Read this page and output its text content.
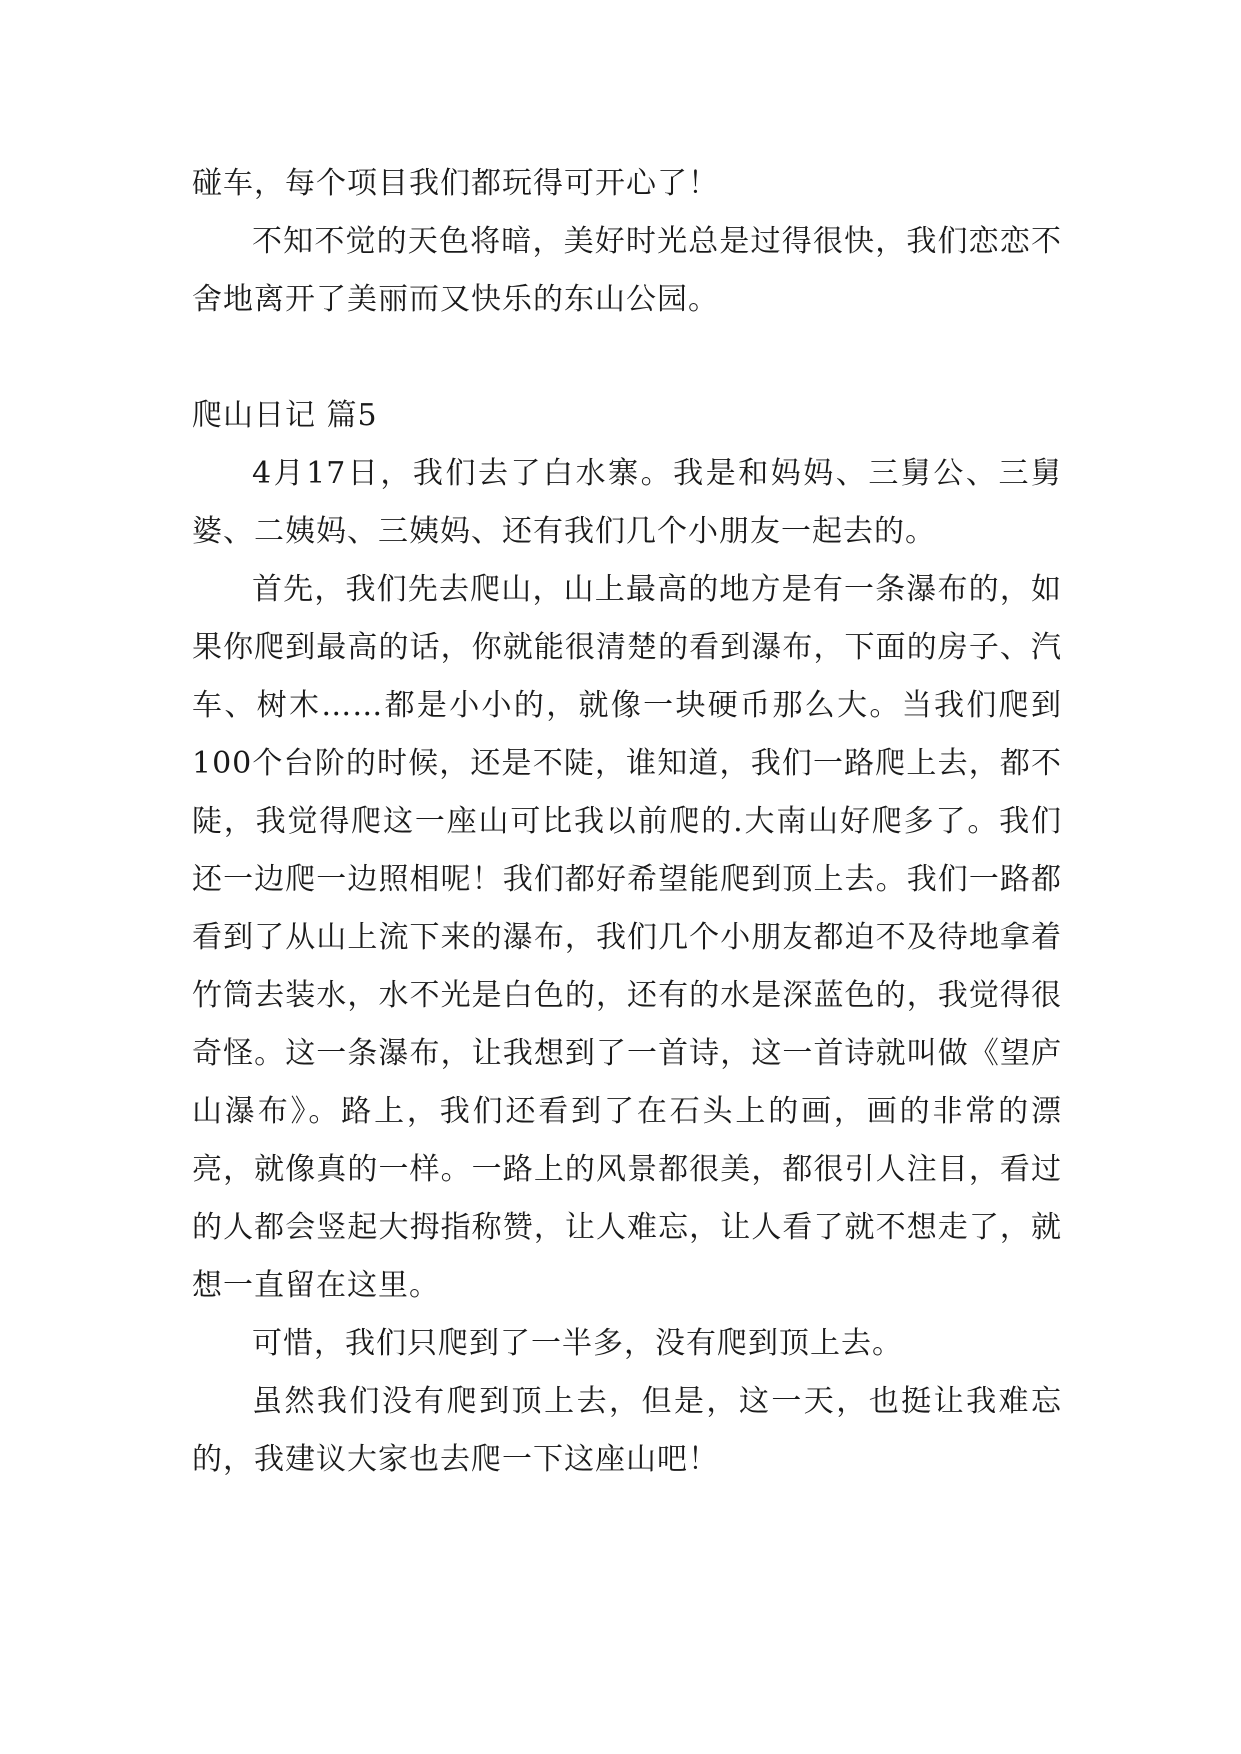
碰车，每个项目我们都玩得可开心了！

不知不觉的天色将暗，美好时光总是过得很快，我们恋恋不舍地离开了美丽而又快乐的东山公园。

爬山日记 篇5

4月17日，我们去了白水寨。我是和妈妈、三舅公、三舅婆、二姨妈、三姨妈、还有我们几个小朋友一起去的。

首先，我们先去爬山，山上最高的地方是有一条瀑布的，如果你爬到最高的话，你就能很清楚的看到瀑布，下面的房子、汽车、树木……都是小小的，就像一块硬币那么大。当我们爬到100个台阶的时候，还是不陡，谁知道，我们一路爬上去，都不陡，我觉得爬这一座山可比我以前爬的.大南山好爬多了。我们还一边爬一边照相呢！我们都好希望能爬到顶上去。我们一路都看到了从山上流下来的瀑布，我们几个小朋友都迫不及待地拿着竹筒去装水，水不光是白色的，还有的水是深蓝色的，我觉得很奇怪。这一条瀑布，让我想到了一首诗，这一首诗就叫做《望庐山瀑布》。路上，我们还看到了在石头上的画，画的非常的漂亮，就像真的一样。一路上的风景都很美，都很引人注目，看过的人都会竖起大拇指称赞，让人难忘，让人看了就不想走了，就想一直留在这里。

可惜，我们只爬到了一半多，没有爬到顶上去。

虽然我们没有爬到顶上去，但是，这一天，也挺让我难忘的，我建议大家也去爬一下这座山吧！
